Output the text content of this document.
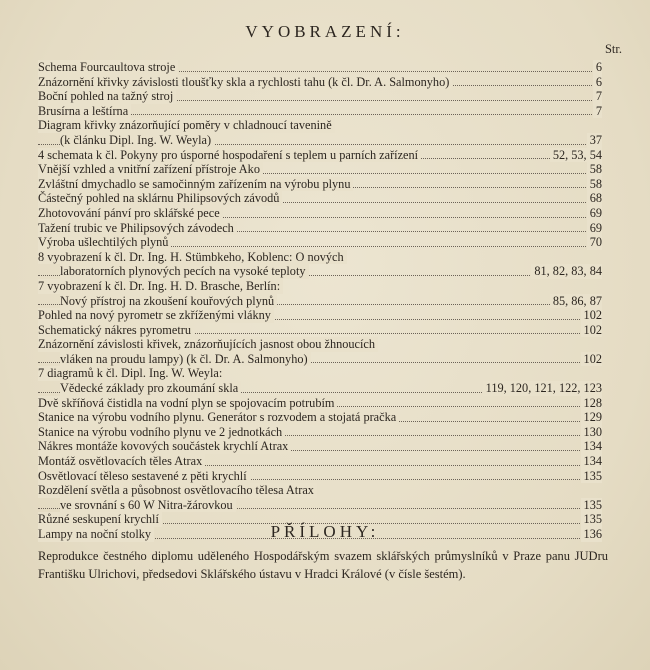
VYOBRAZENÍ:
Str.
Schema Fourcaultova stroje	6
Znázornění křivky závislosti tloušťky skla a rychlosti tahu (k čl. Dr. A. Salmonyho)	6
Boční pohled na tažný stroj	7
Brusírna a leštírna	7
Diagram křivky znázorňující poměry v chladnoucí tavenině
(k článku Dipl. Ing. W. Weyla)	37
4 schemata k čl. Pokyny pro úsporné hospodaření s teplem u parních zařízení	52, 53, 54
Vnější vzhled a vnitřní zařízení přístroje Ako	58
Zvláštní dmychadlo se samočinným zařízením na výrobu plynu	58
Částečný pohled na sklárnu Philipsových závodů	68
Zhotovování pánví pro sklářské pece	69
Tažení trubic ve Philipsových závodech	69
Výroba ušlechtilých plynů	70
8 vyobrazení k čl. Dr. Ing. H. Stümbkeho, Koblenc: O nových
laboratorních plynových pecích na vysoké teploty	81, 82, 83, 84
7 vyobrazení k čl. Dr. Ing. H. D. Brasche, Berlín:
Nový přístroj na zkoušení kouřových plynů	85, 86, 87
Pohled na nový pyrometr se zkříženými vlákny	102
Schematický nákres pyrometru	102
Znázornění závislosti křivek, znázorňujících jasnost obou žhnoucích
vláken na proudu lampy) (k čl. Dr. A. Salmonyho)	102
7 diagramů k čl. Dipl. Ing. W. Weyla:
Vědecké základy pro zkoumání skla	119, 120, 121, 122, 123
Dvě skříňová čistidla na vodní plyn se spojovacím potrubím	128
Stanice na výrobu vodního plynu. Generátor s rozvodem a stojatá pračka	129
Stanice na výrobu vodního plynu ve 2 jednotkách	130
Nákres montáže kovových součástek krychlí Atrax	134
Montáž osvětlovacích těles Atrax	134
Osvětlovací těleso sestavené z pěti krychlí	135
Rozdělení světla a působnost osvětlovacího tělesa Atrax
ve srovnání s 60 W Nitra-žárovkou	135
Různé seskupení krychlí	135
Lampy na noční stolky	136
PŘÍLOHY:
Reprodukce čestného diplomu uděleného Hospodářským svazem sklářských průmyslníků v Praze panu JUDru Františku Ulrichovi, předsedovi Sklářského ústavu v Hradci Králové (v čísle šestém).
